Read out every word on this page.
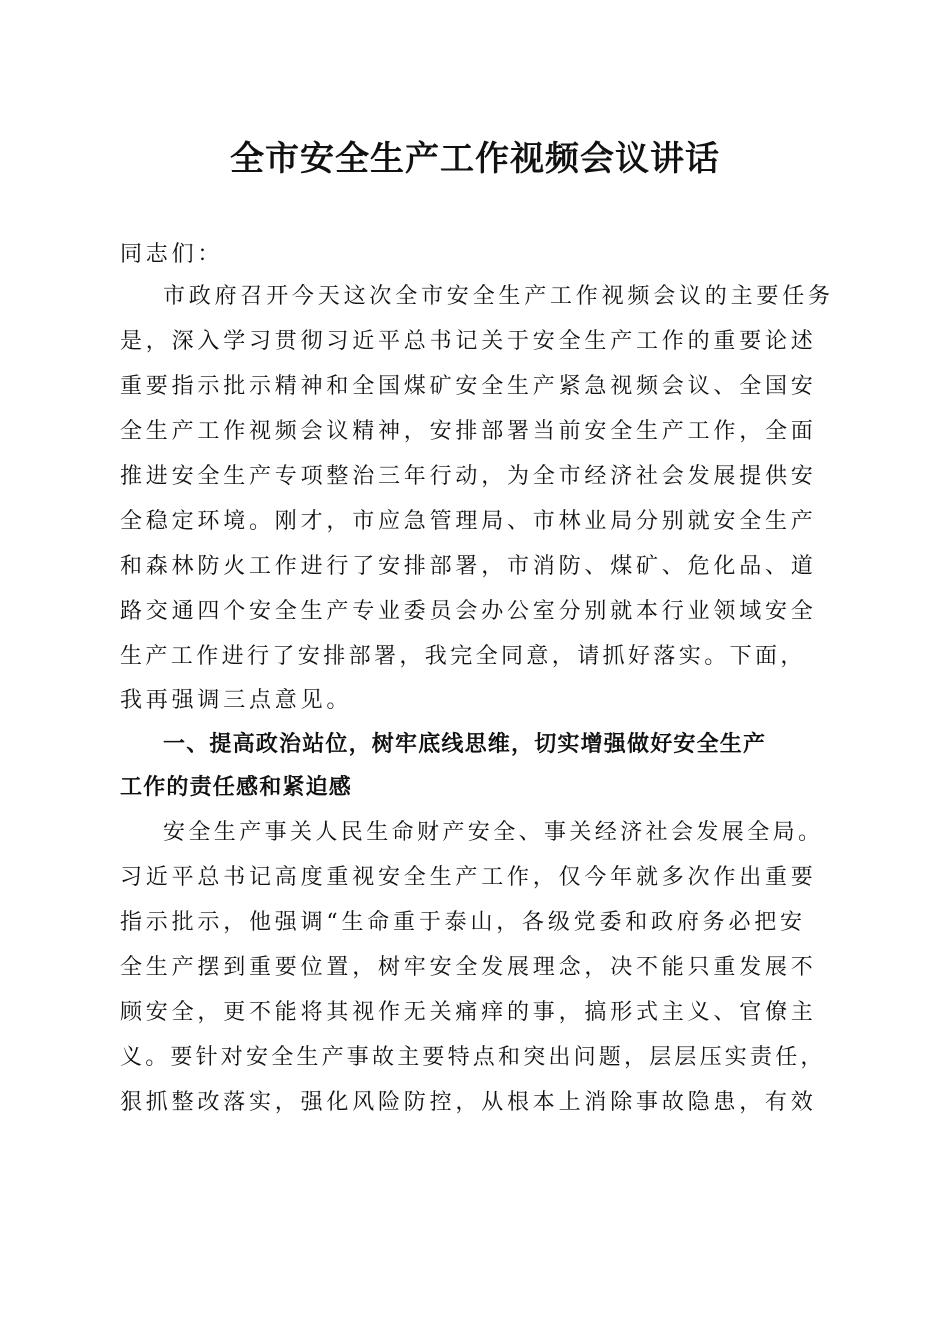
全市安全生产工作视频会议讲话

同志们：

市政府召开今天这次全市安全生产工作视频会议的主要任务

是，深入学习贯彻习近平总书记关于安全生产工作的重要论述

重要指示批示精神和全国煤矿安全生产紧急视频会议、全国安

全生产工作视频会议精神，安排部署当前安全生产工作，全面

推进安全生产专项整治三年行动，为全市经济社会发展提供安

全稳定环境。刚才，市应急管理局、市林业局分别就安全生产

和森林防火工作进行了安排部署，市消防、煤矿、危化品、道

路交通四个安全生产专业委员会办公室分别就本行业领域安全

生产工作进行了安排部署，我完全同意，请抓好落实。下面，

我再强调三点意见。

一、提高政治站位，树牢底线思维，切实增强做好安全生产

工作的责任感和紧迫感

安全生产事关人民生命财产安全、事关经济社会发展全局。

习近平总书记高度重视安全生产工作，仅今年就多次作出重要

指示批示，他强调“生命重于泰山，各级党委和政府务必把安

全生产摆到重要位置，树牢安全发展理念，决不能只重发展不

顾安全，更不能将其视作无关痛痒的事，搞形式主义、官僚主

义。要针对安全生产事故主要特点和突出问题，层层压实责任，

狠抓整改落实，强化风险防控，从根本上消除事故隐患，有效
